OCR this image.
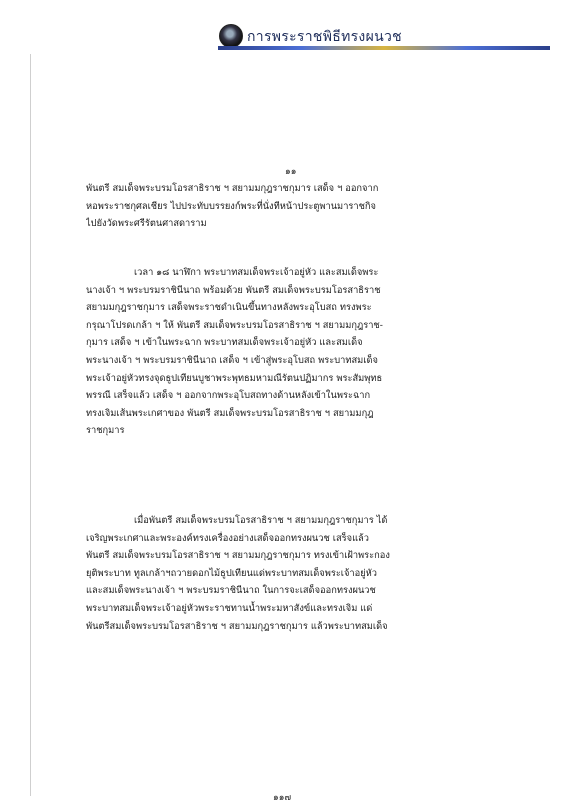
การพระราชพิธีทรงผนวช
๑๑
พันตรี สมเด็จพระบรมโอรสาธิราช ฯ สยามมกุฎราชกุมาร เสด็จ ฯ ออกจาก
หอพระราชกุศลเชียร ไปประทับบรรยงก์พระที่นั่งทีหน้าประตูพานมาราชกิจ
ไปยังวัดพระศรีรัตนศาสดาราม
เวลา ๑๘ นาฬิกา พระบาทสมเด็จพระเจ้าอยู่หัว และสมเด็จพระ
นางเจ้า ฯ พระบรมราชินีนาถ พร้อมด้วย พันตรี สมเด็จพระบรมโอรสาธิราช
สยามมกุฎราชกุมาร เสด็จพระราชดำเนินขึ้นทางหลังพระอุโบสถ ทรงพระ
กรุณาโปรดเกล้า ฯ ให้ พันตรี สมเด็จพระบรมโอรสาธิราช ฯ สยามมกุฎราช-
กุมาร เสด็จ ฯ เข้าในพระฉาก พระบาทสมเด็จพระเจ้าอยู่หัว และสมเด็จ
พระนางเจ้า ฯ พระบรมราชินีนาถ เสด็จ ฯ เข้าสู่พระอุโบสถ พระบาทสมเด็จ
พระเจ้าอยู่หัวทรงจุดธูปเทียนบูชาพระพุทธมหามณีรัตนปฏิมากร พระสัมพุทธ
พรรณี เสร็จแล้ว เสด็จ ฯ ออกจากพระอุโบสถทางด้านหลังเข้าในพระฉาก
ทรงเจิมเส้นพระเกศาของ พันตรี สมเด็จพระบรมโอรสาธิราช ฯ สยามมกุฎ
ราชกุมาร
เมื่อพันตรี สมเด็จพระบรมโอรสาธิราช ฯ สยามมกุฎราชกุมาร ได้
เจริญพระเกศาและพระองค์ทรงเครื่องอย่างเสด็จออกทรงผนวช เสร็จแล้ว
พันตรี สมเด็จพระบรมโอรสาธิราช ฯ สยามมกุฎราชกุมาร ทรงเข้าเฝ้าพระกอง
ยุติพระบาท ทูลเกล้าฯถวายดอกไม้ธูปเทียนแด่พระบาทสมเด็จพระเจ้าอยู่หัว
และสมเด็จพระนางเจ้า ฯ พระบรมราชินีนาถ ในการจะเสด็จออกทรงผนวช
พระบาทสมเด็จพระเจ้าอยู่หัวพระราชทานน้ำพระมหาสังข์และทรงเจิม แด่
พันตรีสมเด็จพระบรมโอรสาธิราช ฯ สยามมกุฎราชกุมาร แล้วพระบาทสมเด็จ
๑๑๗
